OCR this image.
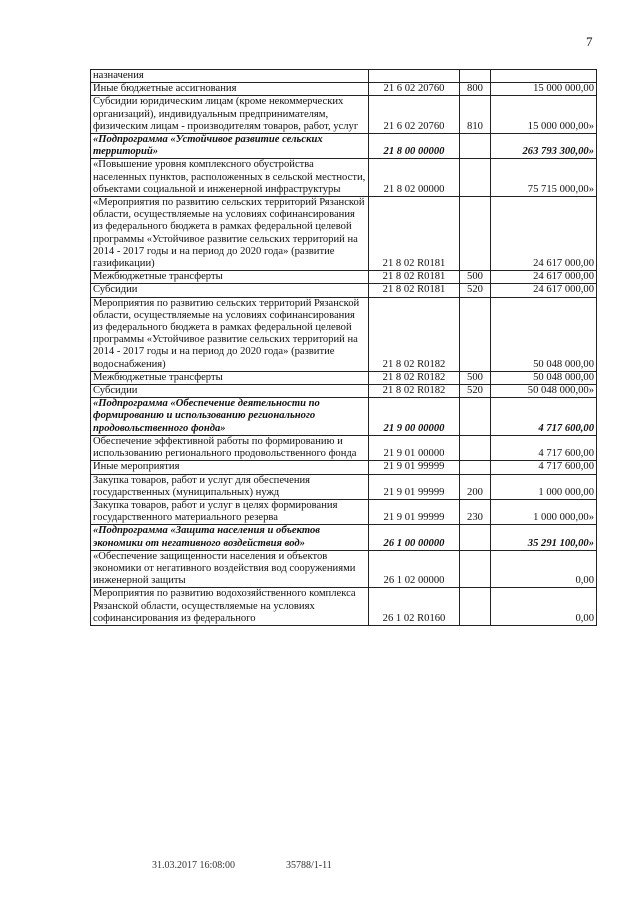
7
назначения			
Иные бюджетные ассигнования	21 6 02 20760	800	15 000 000,00
Субсидии юридическим лицам (кроме некоммерческих организаций), индивидуальным предпринимателям, физическим лицам - производителям товаров, работ, услуг	21 6 02 20760	810	15 000 000,00»
«Подпрограмма «Устойчивое развитие сельских территорий»	21 8 00 00000		263 793 300,00»
«Повышение уровня комплексного обустройства населенных пунктов, расположенных в сельской местности, объектами социальной и инженерной инфраструктуры	21 8 02 00000		75 715 000,00»
«Мероприятия по развитию сельских территорий Рязанской области, осуществляемые на условиях софинансирования из федерального бюджета в рамках федеральной целевой программы «Устойчивое развитие сельских территорий на 2014 - 2017 годы и на период до 2020 года» (развитие газификации)	21 8 02 R0181		24 617 000,00
Межбюджетные трансферты	21 8 02 R0181	500	24 617 000,00
Субсидии	21 8 02 R0181	520	24 617 000,00
Мероприятия по развитию сельских территорий Рязанской области, осуществляемые на условиях софинансирования из федерального бюджета в рамках федеральной целевой программы «Устойчивое развитие сельских территорий на 2014 - 2017 годы и на период до 2020 года» (развитие водоснабжения)	21 8 02 R0182		50 048 000,00
Межбюджетные трансферты	21 8 02 R0182	500	50 048 000,00
Субсидии	21 8 02 R0182	520	50 048 000,00»
«Подпрограмма «Обеспечение деятельности по формированию и использованию регионального продовольственного фонда»	21 9 00 00000		4 717 600,00
Обеспечение эффективной работы по формированию и использованию регионального продовольственного фонда	21 9 01 00000		4 717 600,00
Иные мероприятия	21 9 01 99999		4 717 600,00
Закупка товаров, работ и услуг для обеспечения государственных (муниципальных) нужд	21 9 01 99999	200	1 000 000,00
Закупка товаров, работ и услуг в целях формирования государственного материального резерва	21 9 01 99999	230	1 000 000,00»
«Подпрограмма «Защита населения и объектов экономики от негативного воздействия вод»	26 1 00 00000		35 291 100,00»
«Обеспечение защищенности населения и объектов экономики от негативного воздействия вод сооружениями инженерной защиты	26 1 02 00000		0,00
Мероприятия по развитию водохозяйственного комплекса Рязанской области, осуществляемые на условиях софинансирования из федерального	26 1 02 R0160		0,00
31.03.2017 16:08:00	35788/1-11
